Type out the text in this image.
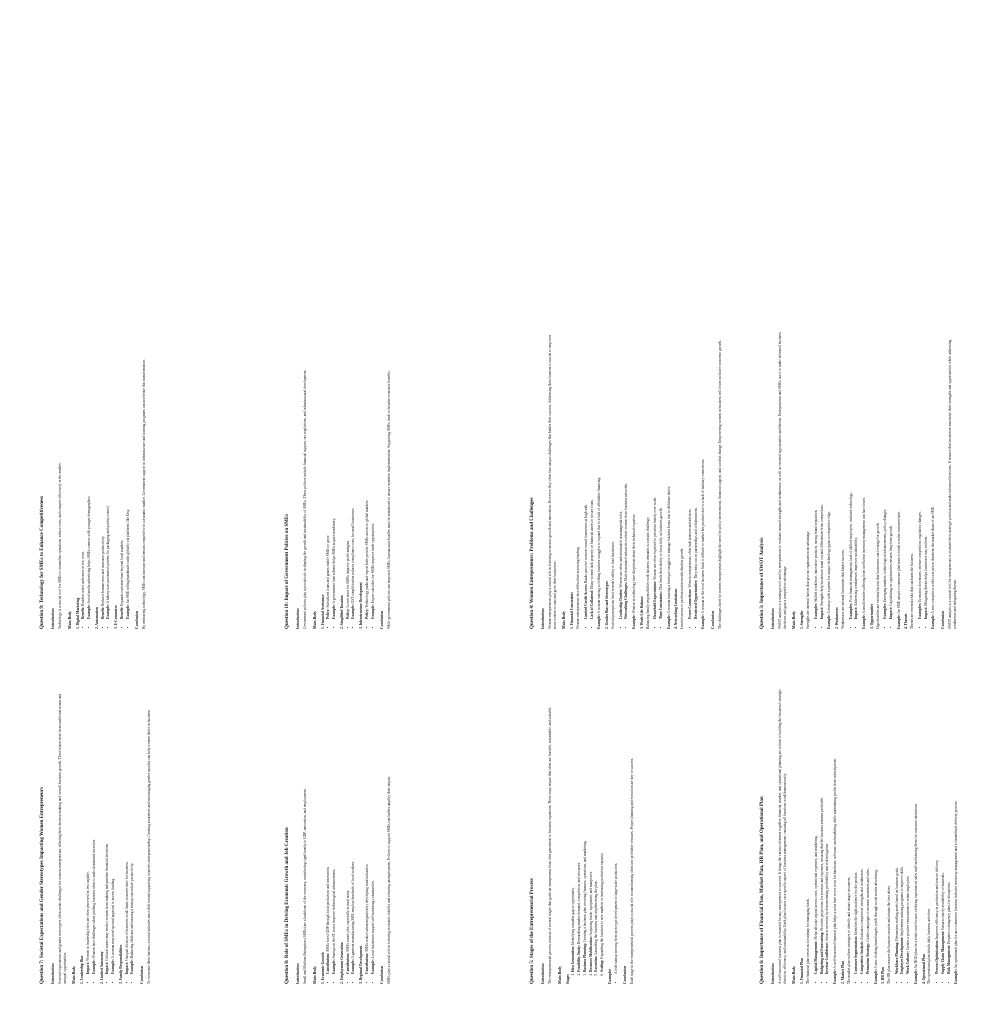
Question 7: Societal Expectations and Gender Stereotypes Impacting Women Entrepreneurs Introduction Societal expectations and gender stereotypes often create challenges for women entrepreneurs, affecting their decision-making and overall business growth. These biases stem from traditional norms and unequal opportunities. Main Body 1. Leadership Bias • Impact: Women in leadership roles are often perceived as less capable.
• Example: Women face challenges when pitching business ideas to male-dominated investors.
2. Limited Autonomy • Impact: Cultural norms may restrict women from making independent financial decisions.
• Example: A woman may need spousal approval to access funding.
3. Family Responsibilities • Impact: Unequal division of domestic work limits women's time for business.
• Example: Balancing childcare and running a startup can reduce productivity.
Conclusion To overcome these barriers, societal attitudes must shift toward supporting women's entrepreneurship. Creating awareness and encouraging gender equality can help women thrive in business.	Question 8: Role of SMEs in Driving Economic Growth and Job Creation Introduction Small and Medium Enterprises (SMEs) are a backbone of the economy, contributing significantly to GDP, innovation, and employment. Main Body 1. Economic Growth • Contribution: SMEs boost GDP through local production and innovation.
• Example: Startups in the IT sector improve technological advancements.
2. Employment Generation • Contribution: SMEs create jobs, especially in rural areas.
• Example: A garment manufacturing SME employs hundreds of local workers.
3. Regional Development • Contribution: SMEs reduce urban migration by developing rural industries.
• Example: Local businesses support self-sustaining communities.
Conclusion SMEs play a crucial role in fostering economic stability and reducing unemployment. Policies to support SMEs can further amplify their impact.	Question 5: Stages of the Entrepreneurial Process Introduction The entrepreneurial process consists of several stages that guide an entrepreneur from idea generation to business expansion. These steps ensure that ideas are feasible, sustainable, and scalable. Main Body Stages
1. Idea Generation: Identifying a market gap or opportunity.
2. Feasibility Study: Researching market demand, competition, and resources.
3. Business Planning: Creating a business plan covering finances, operations, and marketing.
4. Resource Mobilization: Acquiring funds, equipment, and manpower.
5. Execution: Launching the business and implementing the plan.
6. Scaling: Expanding the business to new markets or increasing production capacity.
Examples
• A tech startup moving from prototype development to large-scale production.
Conclusion Each stage in the entrepreneurial process plays a crucial role in transforming ideas into profitable ventures. Proper planning and execution are key to success.	Question 6: Importance of Financial Plan, Market Plan, HR Plan, and Operational Plan Introduction A well-structured business plan is essential for any entrepreneur to succeed. It brings the various elements together: financial, market, and operational planning are critical to building the business's strategic direction, efficiency, and sustainability. Each plan focuses on a specific aspect of business management, ensuring all functions work harmoniously. Main Body 1. Financial Plan The financial plan serves as a roadmap for managing funds. • Capital Management: Helps allocate capital across costs, operational expenses, and marketing.
• Budgeting and Forecasting: Provides projections for revenue and expenses, ensuring that the business remains profitable.
• Investor Confidence: Attracts investors by demonstrating profitability and risk mitigation.

Example: A well-structured financial plan helps a solar firm cover costs for hardware, software, and marketing while maintaining profits from subscriptions.

2. Market Plan The market plan outlines strategies to identify and attract target customers. • Customer Segmentation: Identifies the right audience for the product.
• Competitive Analysis: Evaluates competitors' strengths and weaknesses.
• Promotion Strategy: Guides campaigns to increase awareness and sales.

Example: A new clothing brand targets youth through social media advertising.

3. HR Plan The HR plan ensures the business recruits and retains the best talent. • Workforce Planning: Determines staffing needs based on business goals.
• Employee Development: Implements training programs to improve skills.
• Work Culture: Creates a positive environment to retain employees.

Example: An NGO plan for a retail store focuses on hiring experienced sales staff and training them for customer interaction.

4. Operational Plan The operational plan details daily business activities. • Process Optimization: Improves efficiency in production and service delivery.
• Supply Chain Management: Ensures timely availability of materials.
• Risk Management: Prepares contingency plans for disruptions.

Example: An operational plan for an e-commerce business includes inventory management and a streamlined delivery process.

Question 9: Technology for SMEs to Enhance Competitiveness Introduction Technology is a crucial tool for SMEs to streamline operations, reduce costs, and compete effectively in the market. Main Body 1. Digital Marketing • Benefit: Reaches wider audiences at low costs.
• Example: Social media advertising helps SMEs connect with younger demographics.
2. Automation • Benefit: Reduces human error and increases productivity.
• Example: A bakery uses automated systems for packaging and quality control.
3. E-Commerce • Benefit: Expands customer base beyond local markets.
• Example: An SME selling handmade crafts globally via platforms like Etsy.
Conclusion By embracing technology, SMEs can innovate and remain competitive in a dynamic market. Government support in infrastructure and training programs can accelerate this transformation.	Question 10: Impact of Government Policies on SMEs Introduction Government policies play a pivotal role in shaping the growth and sustainability of SMEs. These policies include financial support, tax regulations, and infrastructural development. Main Body 1. Financial Assistance • Policy: Subsidized loans and grants enable SMEs to grow.
• Example: A government loan scheme helps SMEs acquire machinery.
2. Simplified Taxation • Policy: Lower taxes for SMEs improve profit margins.
• Example: GST simplification reduces compliance costs for small businesses.
3. Infrastructure Development • Policy: Technology parks and export hubs provide SMEs access to global markets.
• Example: Export subsidies for SMEs improve trade opportunities.
Conclusion While government policies can empower SMEs, bureaucratic hurdles must be minimized to ensure seamless implementation. Supporting SMEs leads to broader economic benefits.	Question 4: Women Entrepreneurs: Problems and Challenges Introduction Women entrepreneurs play a crucial role in fostering economic growth and innovation. However, they often face unique challenges that hinder their success. Addressing these barriers is crucial to empower more women to start and grow their businesses. Main Body 1. Financial Constraints Women entrepreneurs face difficulties accessing funding. • Limited Credit Access: Banks perceive women-owned businesses as high-risk.
• Lack of Collateral: Many women lack property or financial assets to secure loans.

Example: A woman starting a clothing business struggles to expand due to a lack of affordable financing. 2. Gender Bias and Stereotypes Societal perceptions limit women's ability to lead businesses. • Leadership Doubts: Women are often underestimated in managerial roles.
• Networking Challenges: Male-dominated industries exclude women from business networks.

Example: Women in technology face skepticism about their technical expertise. 3. Work-Life Balance Balancing family responsibilities with business demands is a major challenge. • Household Expectations: Women are often expected to prioritize family over work.
• Time Constraints: This limits their ability to focus fully on business growth.

Example: A woman running a boutique struggles to manage business hours due to childcare duties. 4. Networking Limitations Limited access to professional networks hinders growth. • Fewer Connections: Women entrepreneurs often lack mentors and advisors.
• Restricted Opportunities: They miss out on partnerships and collaborations.

Example: A woman in the food business finds it difficult to market her products due to a lack of industry connections.

Conclusion The challenges faced by women entrepreneurs highlight the need for policy interventions, financial support, and societal change. Empowering women in business will foster inclusive economic growth.	Question 3: Importance of SWOT Analysis Introduction SWOT analysis is a strategic tool used by entrepreneurs to evaluate internal strengths and weaknesses, as well as external opportunities and threats. Entrepreneurs and SMEs use it to make informed business decisions and gain a competitive advantage. Main Body 1. Strengths Strengths are internal factors that give an organization an advantage. • Examples: Skilled workforce, innovative products, strong brand reputation.
• Impact: Strengths help businesses stand out and differentiate from competitors.

Example: A startup with a patent for unique technology gains a competitive edge.

2. Weaknesses Weaknesses are internal limitations that hinder success. • Examples: Poor financial management, lack of skilled employees, outdated technology.
• Impact: Addressing weaknesses improves sustainability.

Example: A small retailer suffering from inefficient inventory management can face losses.

3. Opportunities Opportunities are external factors that businesses can leverage for growth. • Examples: Emerging markets, technological advancements, policy changes.
• Impact: Capitalizing on opportunities ensures long-term growth.

Example: An SME adopts e-commerce platforms to reach a wider customer base.

4. Threats Threats are external risks that can harm the business. • Examples: Economic downturns, intense competition, regulatory changes.
• Impact: Mitigating threats helps businesses stay resilient.

Example: A new competitor with lower prices threatens the market share of an SME.

Conclusion SWOT analysis is a crucial tool for entrepreneurs to evaluate their strategic position and make informed decisions. It ensures that businesses maximize their strengths and opportunities while addressing weaknesses and mitigating threats.
